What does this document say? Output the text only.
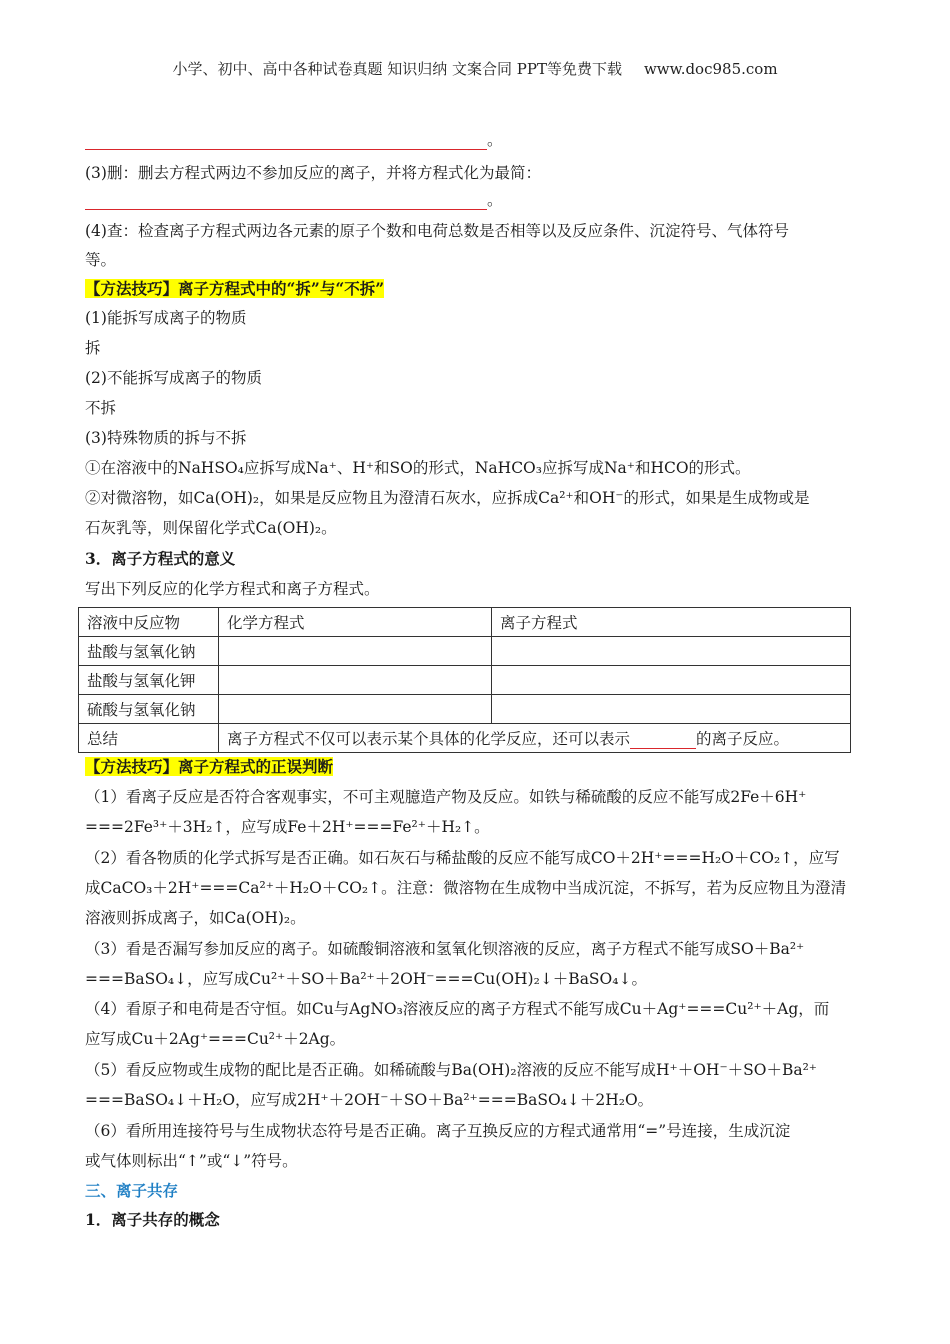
小学、初中、高中各种试卷真题 知识归纳 文案合同 PPT等免费下载 www.doc985.com
。
(3)删：删去方程式两边不参加反应的离子，并将方程式化为最简：
。
(4)查：检查离子方程式两边各元素的原子个数和电荷总数是否相等以及反应条件、沉淀符号、气体符号
等。
【方法技巧】离子方程式中的“拆”与“不拆”
(1)能拆写成离子的物质
拆
(2)不能拆写成离子的物质
不拆
(3)特殊物质的拆与不拆
①在溶液中的NaHSO₄应拆写成Na⁺、H⁺和SO的形式，NaHCO₃应拆写成Na⁺和HCO的形式。
②对微溶物，如Ca(OH)₂，如果是反应物且为澄清石灰水，应拆成Ca²⁺和OH⁻的形式，如果是生成物或是
石灰乳等，则保留化学式Ca(OH)₂。
3．离子方程式的意义
写出下列反应的化学方程式和离子方程式。
溶液中反应物	化学方程式	离子方程式
盐酸与氢氧化钠		
盐酸与氢氧化钾		
硫酸与氢氧化钠		
总结	离子方程式不仅可以表示某个具体的化学反应，还可以表示 的离子反应。	
【方法技巧】离子方程式的正误判断
（1）看离子反应是否符合客观事实，不可主观臆造产物及反应。如铁与稀硫酸的反应不能写成2Fe＋6H⁺
===2Fe³⁺＋3H₂↑，应写成Fe＋2H⁺===Fe²⁺＋H₂↑。
（2）看各物质的化学式拆写是否正确。如石灰石与稀盐酸的反应不能写成CO＋2H⁺===H₂O＋CO₂↑，应写
成CaCO₃＋2H⁺===Ca²⁺＋H₂O＋CO₂↑。注意：微溶物在生成物中当成沉淀，不拆写，若为反应物且为澄清
溶液则拆成离子，如Ca(OH)₂。
（3）看是否漏写参加反应的离子。如硫酸铜溶液和氢氧化钡溶液的反应，离子方程式不能写成SO＋Ba²⁺
===BaSO₄↓，应写成Cu²⁺＋SO＋Ba²⁺＋2OH⁻===Cu(OH)₂↓＋BaSO₄↓。
（4）看原子和电荷是否守恒。如Cu与AgNO₃溶液反应的离子方程式不能写成Cu＋Ag⁺===Cu²⁺＋Ag，而
应写成Cu＋2Ag⁺===Cu²⁺＋2Ag。
（5）看反应物或生成物的配比是否正确。如稀硫酸与Ba(OH)₂溶液的反应不能写成H⁺＋OH⁻＋SO＋Ba²⁺
===BaSO₄↓＋H₂O，应写成2H⁺＋2OH⁻＋SO＋Ba²⁺===BaSO₄↓＋2H₂O。
（6）看所用连接符号与生成物状态符号是否正确。离子互换反应的方程式通常用“=”号连接，生成沉淀
或气体则标出“↑”或“↓”符号。
三、离子共存
1．离子共存的概念
